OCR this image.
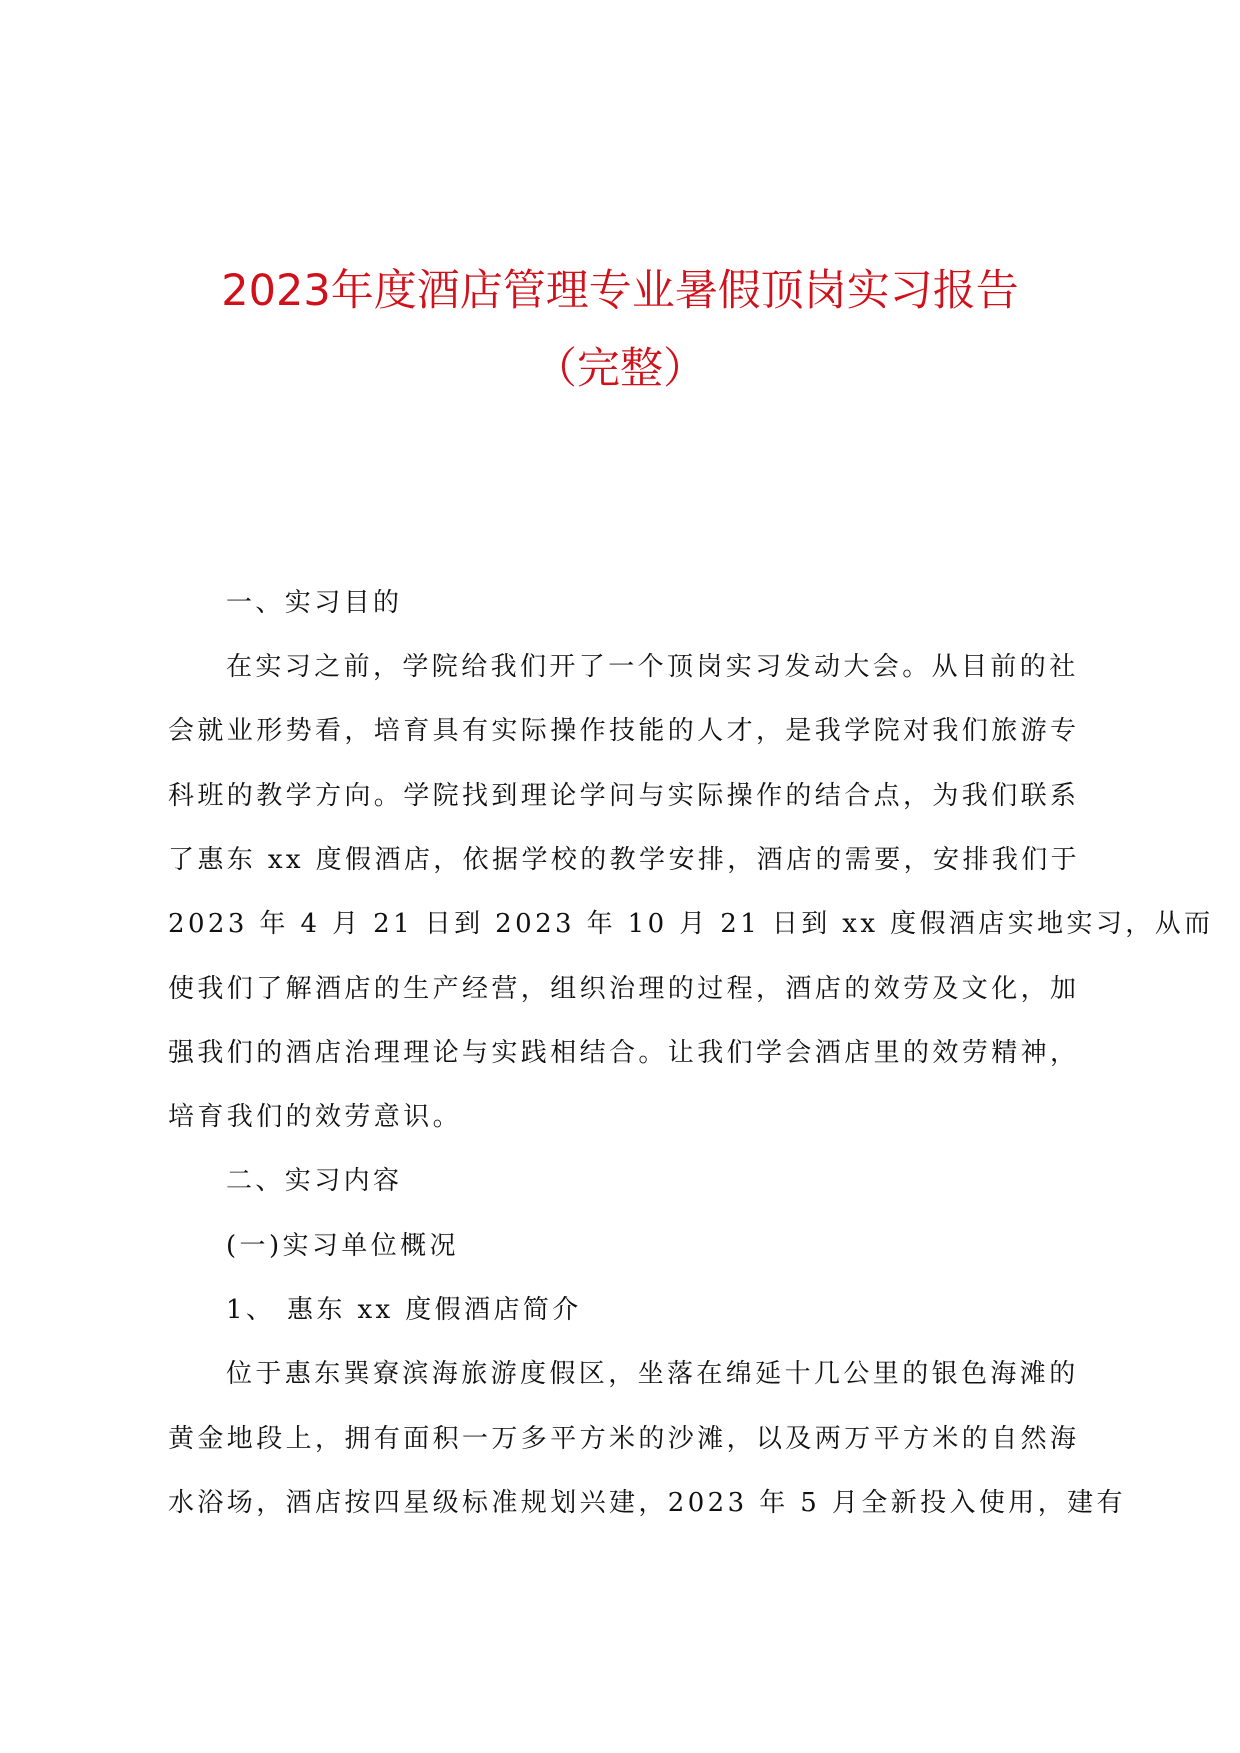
2023年度酒店管理专业暑假顶岗实习报告
（完整）
一、实习目的
在实习之前，学院给我们开了一个顶岗实习发动大会。从目前的社
会就业形势看，培育具有实际操作技能的人才，是我学院对我们旅游专
科班的教学方向。学院找到理论学问与实际操作的结合点，为我们联系
了惠东 xx 度假酒店，依据学校的教学安排，酒店的需要，安排我们于
2023 年 4 月 21 日到 2023 年 10 月 21 日到 xx 度假酒店实地实习，从而
使我们了解酒店的生产经营，组织治理的过程，酒店的效劳及文化，加
强我们的酒店治理理论与实践相结合。让我们学会酒店里的效劳精神，
培育我们的效劳意识。
二、实习内容
(一)实习单位概况
1、 惠东 xx 度假酒店简介
位于惠东巽寮滨海旅游度假区，坐落在绵延十几公里的银色海滩的
黄金地段上，拥有面积一万多平方米的沙滩，以及两万平方米的自然海
水浴场，酒店按四星级标准规划兴建，2023 年 5 月全新投入使用，建有
